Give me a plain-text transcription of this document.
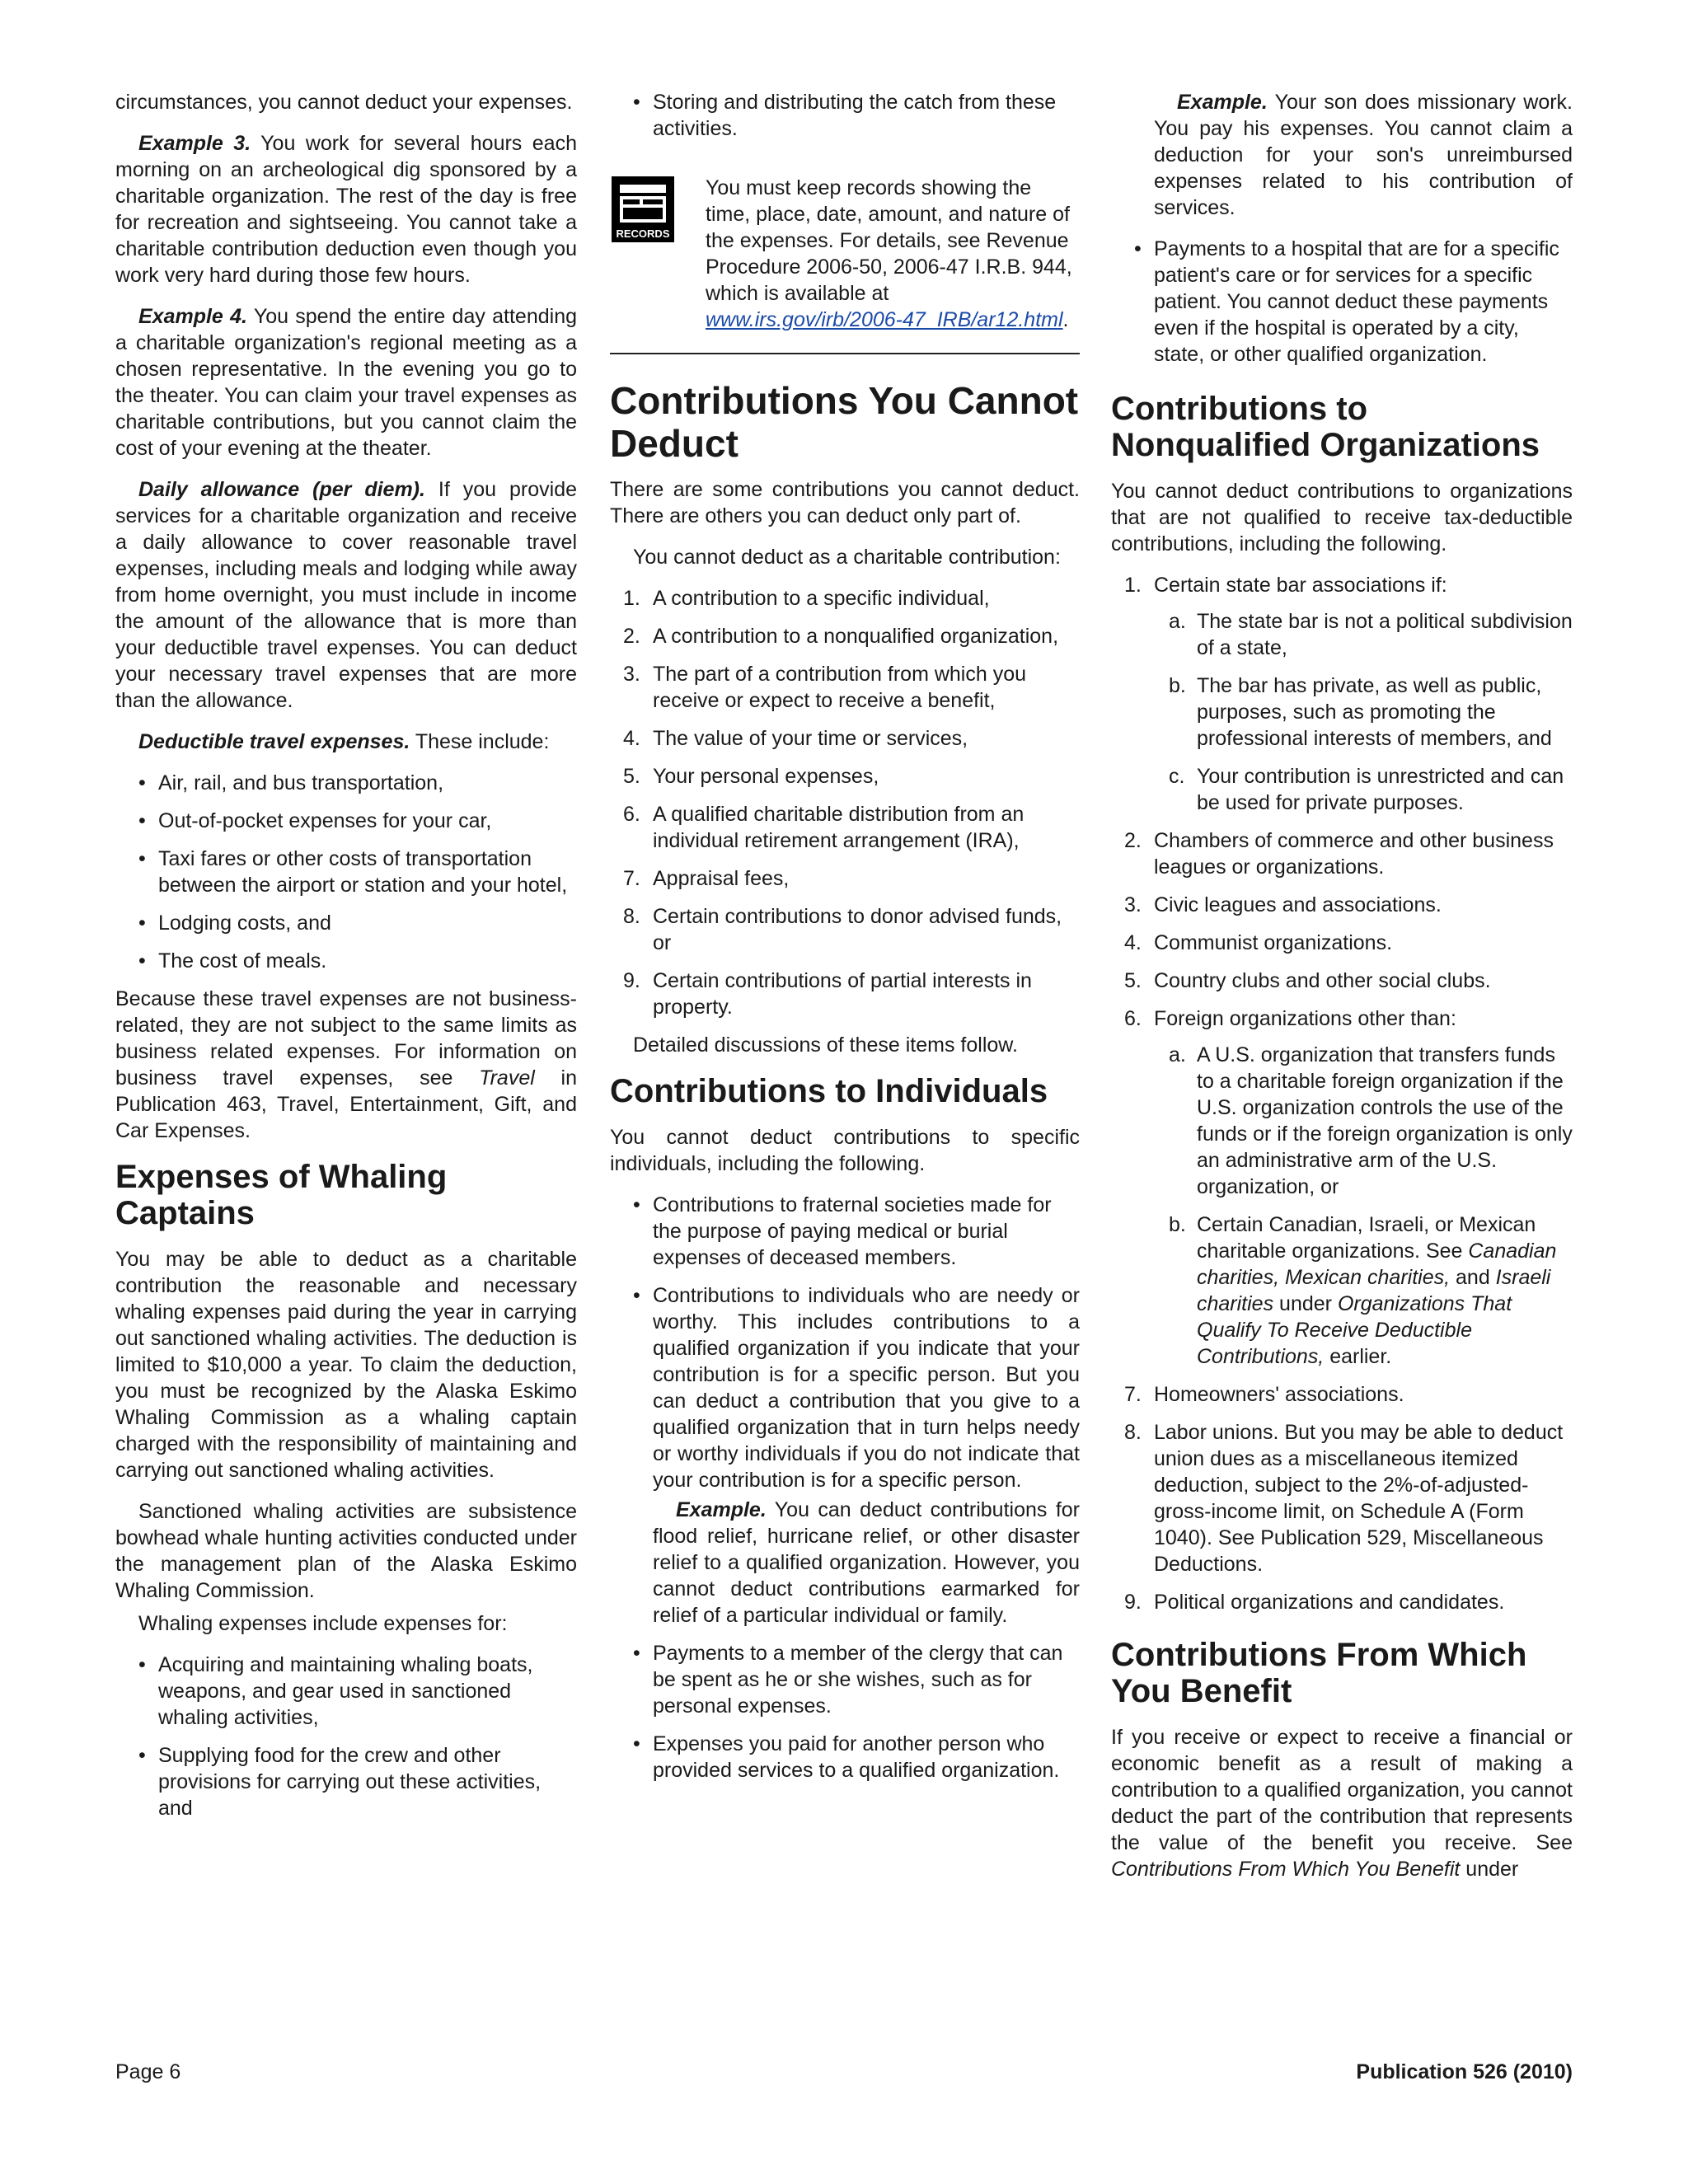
circumstances, you cannot deduct your expenses.

Example 3. You work for several hours each morning on an archeological dig sponsored by a charitable organization. The rest of the day is free for recreation and sightseeing. You cannot take a charitable contribution deduction even though you work very hard during those few hours.

Example 4. You spend the entire day attending a charitable organization's regional meeting as a chosen representative. In the evening you go to the theater. You can claim your travel expenses as charitable contributions, but you cannot claim the cost of your evening at the theater.

Daily allowance (per diem). If you provide services for a charitable organization and receive a daily allowance to cover reasonable travel expenses, including meals and lodging while away from home overnight, you must include in income the amount of the allowance that is more than your deductible travel expenses. You can deduct your necessary travel expenses that are more than the allowance.

Deductible travel expenses. These include:

• Air, rail, and bus transportation,
• Out-of-pocket expenses for your car,
• Taxi fares or other costs of transportation between the airport or station and your hotel,
• Lodging costs, and
• The cost of meals.

Because these travel expenses are not business-related, they are not subject to the same limits as business related expenses. For information on business travel expenses, see Travel in Publication 463, Travel, Entertainment, Gift, and Car Expenses.

Expenses of Whaling Captains

You may be able to deduct as a charitable contribution the reasonable and necessary whaling expenses paid during the year in carrying out sanctioned whaling activities. The deduction is limited to $10,000 a year. To claim the deduction, you must be recognized by the Alaska Eskimo Whaling Commission as a whaling captain charged with the responsibility of maintaining and carrying out sanctioned whaling activities.

Sanctioned whaling activities are subsistence bowhead whale hunting activities conducted under the management plan of the Alaska Eskimo Whaling Commission.

Whaling expenses include expenses for:

• Acquiring and maintaining whaling boats, weapons, and gear used in sanctioned whaling activities,
• Supplying food for the crew and other provisions for carrying out these activities, and
• Storing and distributing the catch from these activities.
RECORDS
You must keep records showing the time, place, date, amount, and nature of the expenses. For details, see Revenue Procedure 2006-50, 2006-47 I.R.B. 944, which is available at www.irs.gov/irb/2006-47_IRB/ar12.html.
Contributions You Cannot Deduct

There are some contributions you cannot deduct. There are others you can deduct only part of.

You cannot deduct as a charitable contribution:

1. A contribution to a specific individual,
2. A contribution to a nonqualified organization,
3. The part of a contribution from which you receive or expect to receive a benefit,
4. The value of your time or services,
5. Your personal expenses,
6. A qualified charitable distribution from an individual retirement arrangement (IRA),
7. Appraisal fees,
8. Certain contributions to donor advised funds, or
9. Certain contributions of partial interests in property.

Detailed discussions of these items follow.

Contributions to Individuals

You cannot deduct contributions to specific individuals, including the following.

• Contributions to fraternal societies made for the purpose of paying medical or burial expenses of deceased members.
• Contributions to individuals who are needy or worthy. This includes contributions to a qualified organization if you indicate that your contribution is for a specific person. But you can deduct a contribution that you give to a qualified organization that in turn helps needy or worthy individuals if you do not indicate that your contribution is for a specific person.
Example. You can deduct contributions for flood relief, hurricane relief, or other disaster relief to a qualified organization. However, you cannot deduct contributions earmarked for relief of a particular individual or family.
• Payments to a member of the clergy that can be spent as he or she wishes, such as for personal expenses.
• Expenses you paid for another person who provided services to a qualified organization.

Example. Your son does missionary work. You pay his expenses. You cannot claim a deduction for your son's unreimbursed expenses related to his contribution of services.

• Payments to a hospital that are for a specific patient's care or for services for a specific patient. You cannot deduct these payments even if the hospital is operated by a city, state, or other qualified organization.
Contributions to Nonqualified Organizations

You cannot deduct contributions to organizations that are not qualified to receive tax-deductible contributions, including the following.

1. Certain state bar associations if:
a. The state bar is not a political subdivision of a state,
b. The bar has private, as well as public, purposes, such as promoting the professional interests of members, and
c. Your contribution is unrestricted and can be used for private purposes.
2. Chambers of commerce and other business leagues or organizations.
3. Civic leagues and associations.
4. Communist organizations.
5. Country clubs and other social clubs.
6. Foreign organizations other than:
a. A U.S. organization that transfers funds to a charitable foreign organization if the U.S. organization controls the use of the funds or if the foreign organization is only an administrative arm of the U.S. organization, or
b. Certain Canadian, Israeli, or Mexican charitable organizations. See Canadian charities, Mexican charities, and Israeli charities under Organizations That Qualify To Receive Deductible Contributions, earlier.
7. Homeowners' associations.
8. Labor unions. But you may be able to deduct union dues as a miscellaneous itemized deduction, subject to the 2%-of-adjusted-gross-income limit, on Schedule A (Form 1040). See Publication 529, Miscellaneous Deductions.
9. Political organizations and candidates.
Contributions From Which You Benefit

If you receive or expect to receive a financial or economic benefit as a result of making a contribution to a qualified organization, you cannot deduct the part of the contribution that represents the value of the benefit you receive. See Contributions From Which You Benefit under

Page 6	Publication 526 (2010)
